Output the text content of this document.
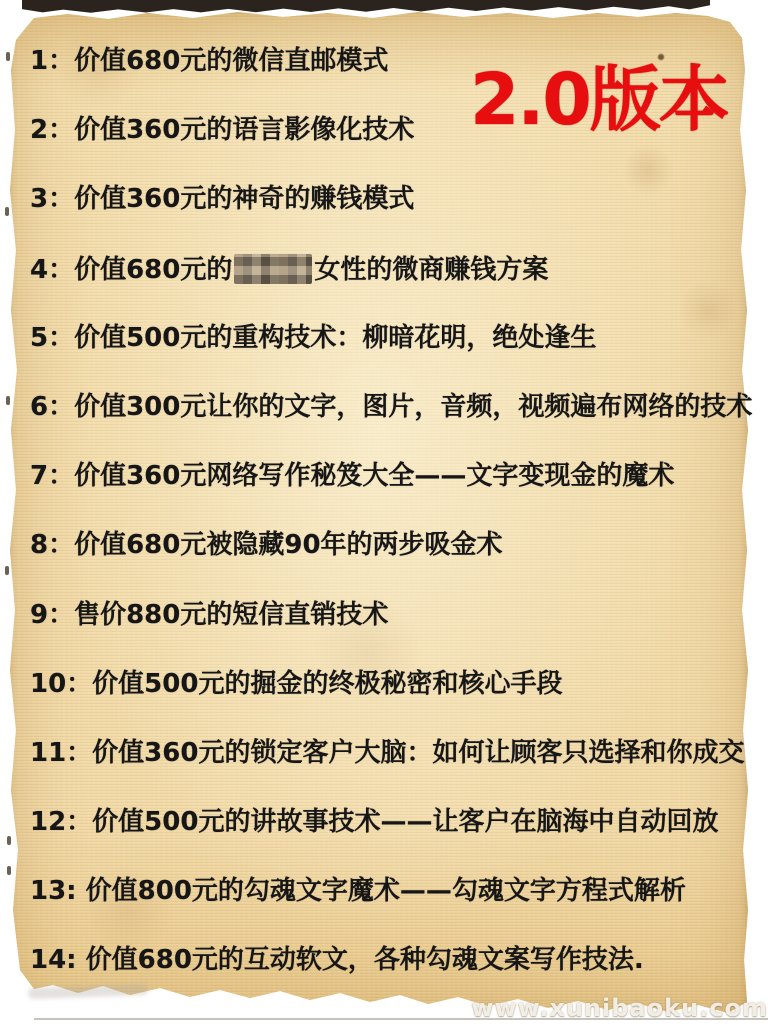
2.0版本
1：价值680元的微信直邮模式
2：价值360元的语言影像化技术
3：价值360元的神奇的赚钱模式
4：价值680元的	女性的微商赚钱方案
5：价值500元的重构技术：柳暗花明，绝处逢生
6：价值300元让你的文字，图片，音频，视频遍布网络的技术
7：价值360元网络写作秘笈大全——文字变现金的魔术
8：价值680元被隐藏90年的两步吸金术
9：售价880元的短信直销技术
10：价值500元的掘金的终极秘密和核心手段
11：价值360元的锁定客户大脑：如何让顾客只选择和你成交
12：价值500元的讲故事技术——让客户在脑海中自动回放
13: 价值800元的勾魂文字魔术——勾魂文字方程式解析
14: 价值680元的互动软文，各种勾魂文案写作技法.
www.xunibaoku.com
